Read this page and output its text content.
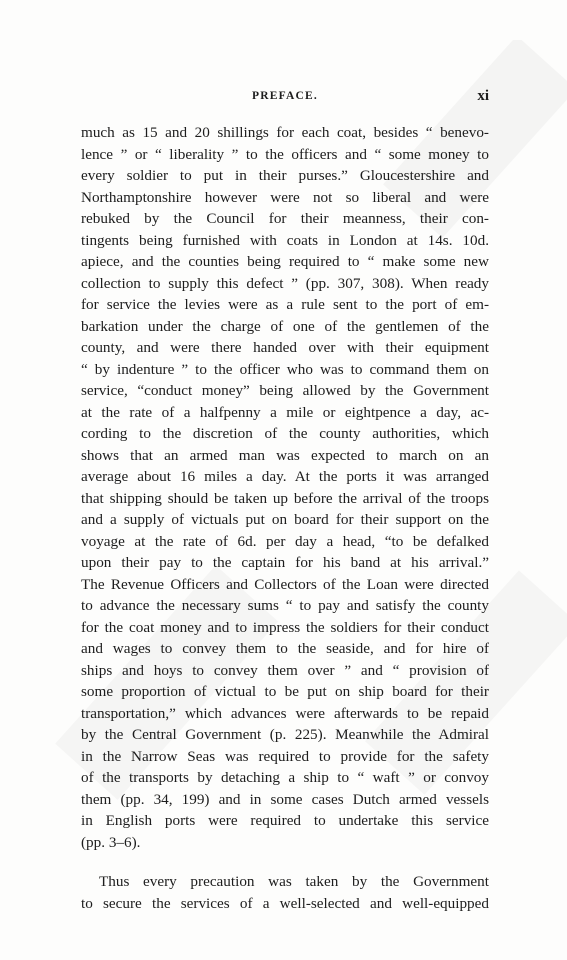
PREFACE.	xi
much as 15 and 20 shillings for each coat, besides “ benevo-
lence ” or “ liberality ” to the officers and “ some money to
every soldier to put in their purses.” Gloucestershire and
Northamptonshire however were not so liberal and were
rebuked by the Council for their meanness, their con-
tingents being furnished with coats in London at 14s. 10d.
apiece, and the counties being required to “ make some new
collection to supply this defect ” (pp. 307, 308). When ready
for service the levies were as a rule sent to the port of em-
barkation under the charge of one of the gentlemen of the
county, and were there handed over with their equipment
“ by indenture ” to the officer who was to command them on
service, “conduct money” being allowed by the Government
at the rate of a halfpenny a mile or eightpence a day, ac-
cording to the discretion of the county authorities, which
shows that an armed man was expected to march on an
average about 16 miles a day. At the ports it was arranged
that shipping should be taken up before the arrival of the troops
and a supply of victuals put on board for their support on the
voyage at the rate of 6d. per day a head, “to be defalked
upon their pay to the captain for his band at his arrival.”
The Revenue Officers and Collectors of the Loan were directed
to advance the necessary sums “ to pay and satisfy the county
for the coat money and to impress the soldiers for their conduct
and wages to convey them to the seaside, and for hire of
ships and hoys to convey them over ” and “ provision of
some proportion of victual to be put on ship board for their
transportation,” which advances were afterwards to be repaid
by the Central Government (p. 225). Meanwhile the Admiral
in the Narrow Seas was required to provide for the safety
of the transports by detaching a ship to “ waft ” or convoy
them (pp. 34, 199) and in some cases Dutch armed vessels
in English ports were required to undertake this service
(pp. 3–6).
Thus every precaution was taken by the Government
to secure the services of a well-selected and well-equipped
